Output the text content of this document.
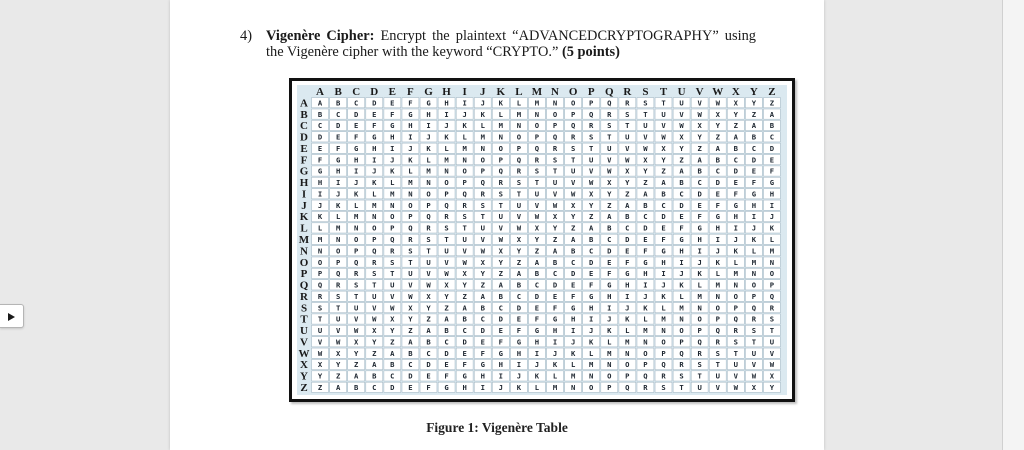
4) Vigenère Cipher: Encrypt the plaintext “ADVANCEDCRYPTOGRAPHY” using the Vigenère cipher with the keyword “CRYPTO.” (5 points)
A B C D E F G H I J K L M N O P Q R S T U V W X Y Z
A
B
C
D
E
F
G
H
I
J
K
L
M
N
O
P
Q
R
S
T
U
V
W
X
Y
Z
A B C D E F G H I J K L M N O P Q R S T U V W X Y Z
B C D E F G H I J K L M N O P Q R S T U V W X Y Z A
C D E F G H I J K L M N O P Q R S T U V W X Y Z A B
D E F G H I J K L M N O P Q R S T U V W X Y Z A B C
E F G H I J K L M N O P Q R S T U V W X Y Z A B C D
F G H I J K L M N O P Q R S T U V W X Y Z A B C D E
G H I J K L M N O P Q R S T U V W X Y Z A B C D E F
H I J K L M N O P Q R S T U V W X Y Z A B C D E F G
I J K L M N O P Q R S T U V W X Y Z A B C D E F G H
J K L M N O P Q R S T U V W X Y Z A B C D E F G H I
K L M N O P Q R S T U V W X Y Z A B C D E F G H I J
L M N O P Q R S T U V W X Y Z A B C D E F G H I J K
M N O P Q R S T U V W X Y Z A B C D E F G H I J K L
N O P Q R S T U V W X Y Z A B C D E F G H I J K L M
O P Q R S T U V W X Y Z A B C D E F G H I J K L M N
P Q R S T U V W X Y Z A B C D E F G H I J K L M N O
Q R S T U V W X Y Z A B C D E F G H I J K L M N O P
R S T U V W X Y Z A B C D E F G H I J K L M N O P Q
S T U V W X Y Z A B C D E F G H I J K L M N O P Q R
T U V W X Y Z A B C D E F G H I J K L M N O P Q R S
U V W X Y Z A B C D E F G H I J K L M N O P Q R S T
V W X Y Z A B C D E F G H I J K L M N O P Q R S T U
W X Y Z A B C D E F G H I J K L M N O P Q R S T U V
X Y Z A B C D E F G H I J K L M N O P Q R S T U V W
Y Z A B C D E F G H I J K L M N O P Q R S T U V W X
Z A B C D E F G H I J K L M N O P Q R S T U V W X Y
Figure 1: Vigenère Table
